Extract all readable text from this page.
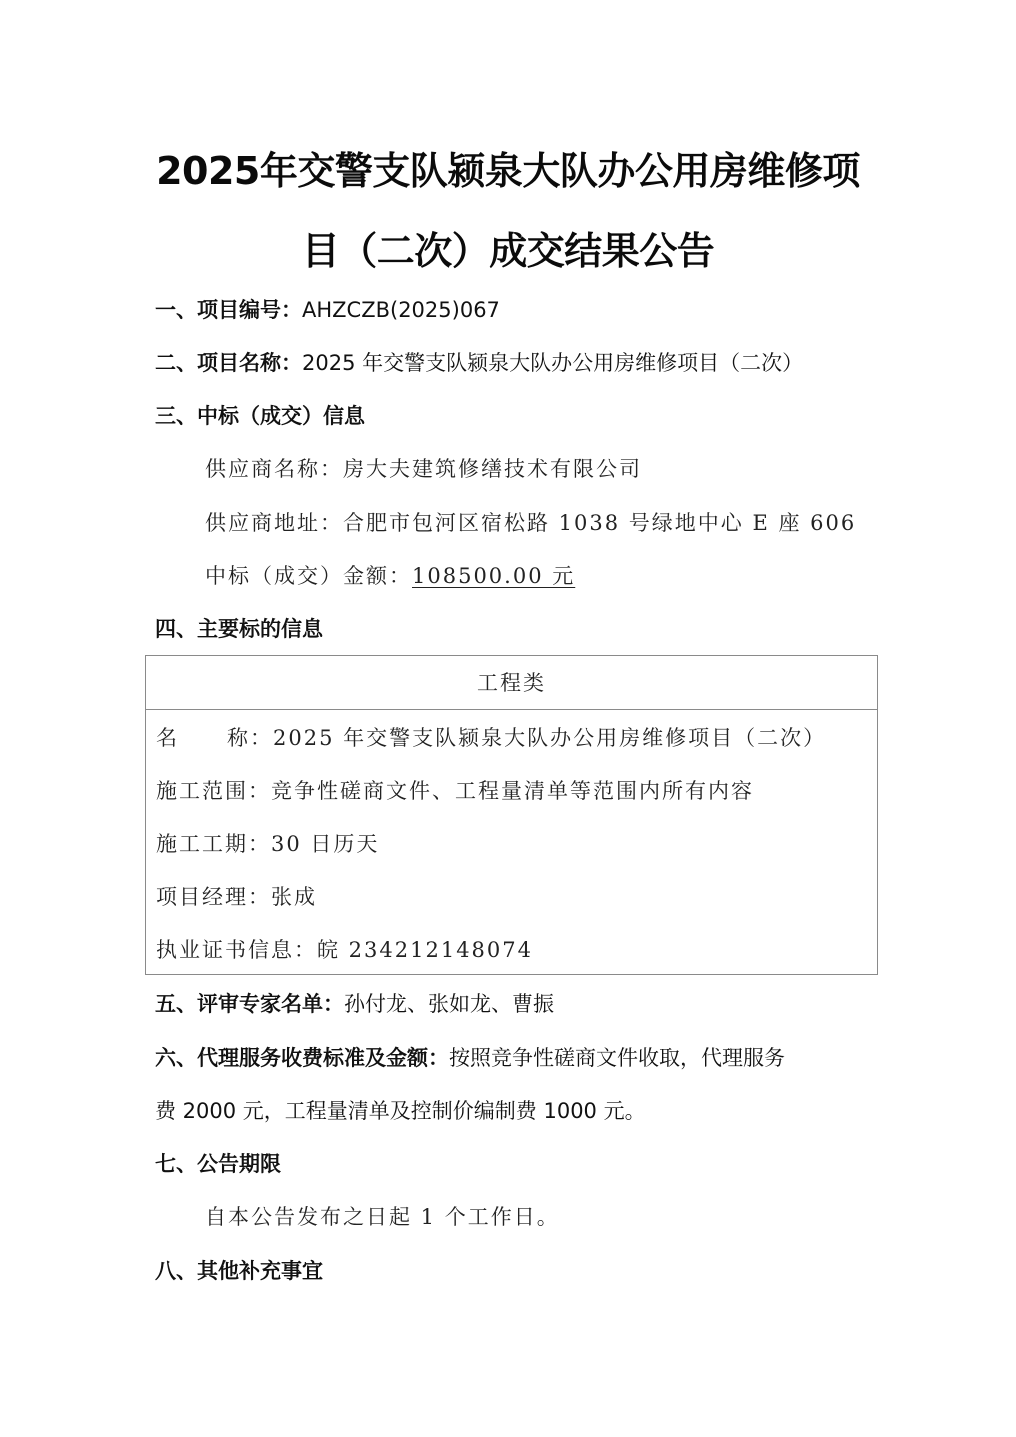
2025年交警支队颍泉大队办公用房维修项
目（二次）成交结果公告
一、项目编号：AHZCZB(2025)067
二、项目名称：2025 年交警支队颍泉大队办公用房维修项目（二次）
三、中标（成交）信息
供应商名称：房大夫建筑修缮技术有限公司
供应商地址：合肥市包河区宿松路 1038 号绿地中心 E 座 606
中标（成交）金额：108500.00 元
四、主要标的信息
工程类
名 称：2025 年交警支队颍泉大队办公用房维修项目（二次）
施工范围：竞争性磋商文件、工程量清单等范围内所有内容
施工工期：30 日历天
项目经理：张成
执业证书信息：皖 234212148074
五、评审专家名单：孙付龙、张如龙、曹振
六、代理服务收费标准及金额：按照竞争性磋商文件收取，代理服务
费 2000 元，工程量清单及控制价编制费 1000 元。
七、公告期限
自本公告发布之日起 1 个工作日。
八、其他补充事宜
